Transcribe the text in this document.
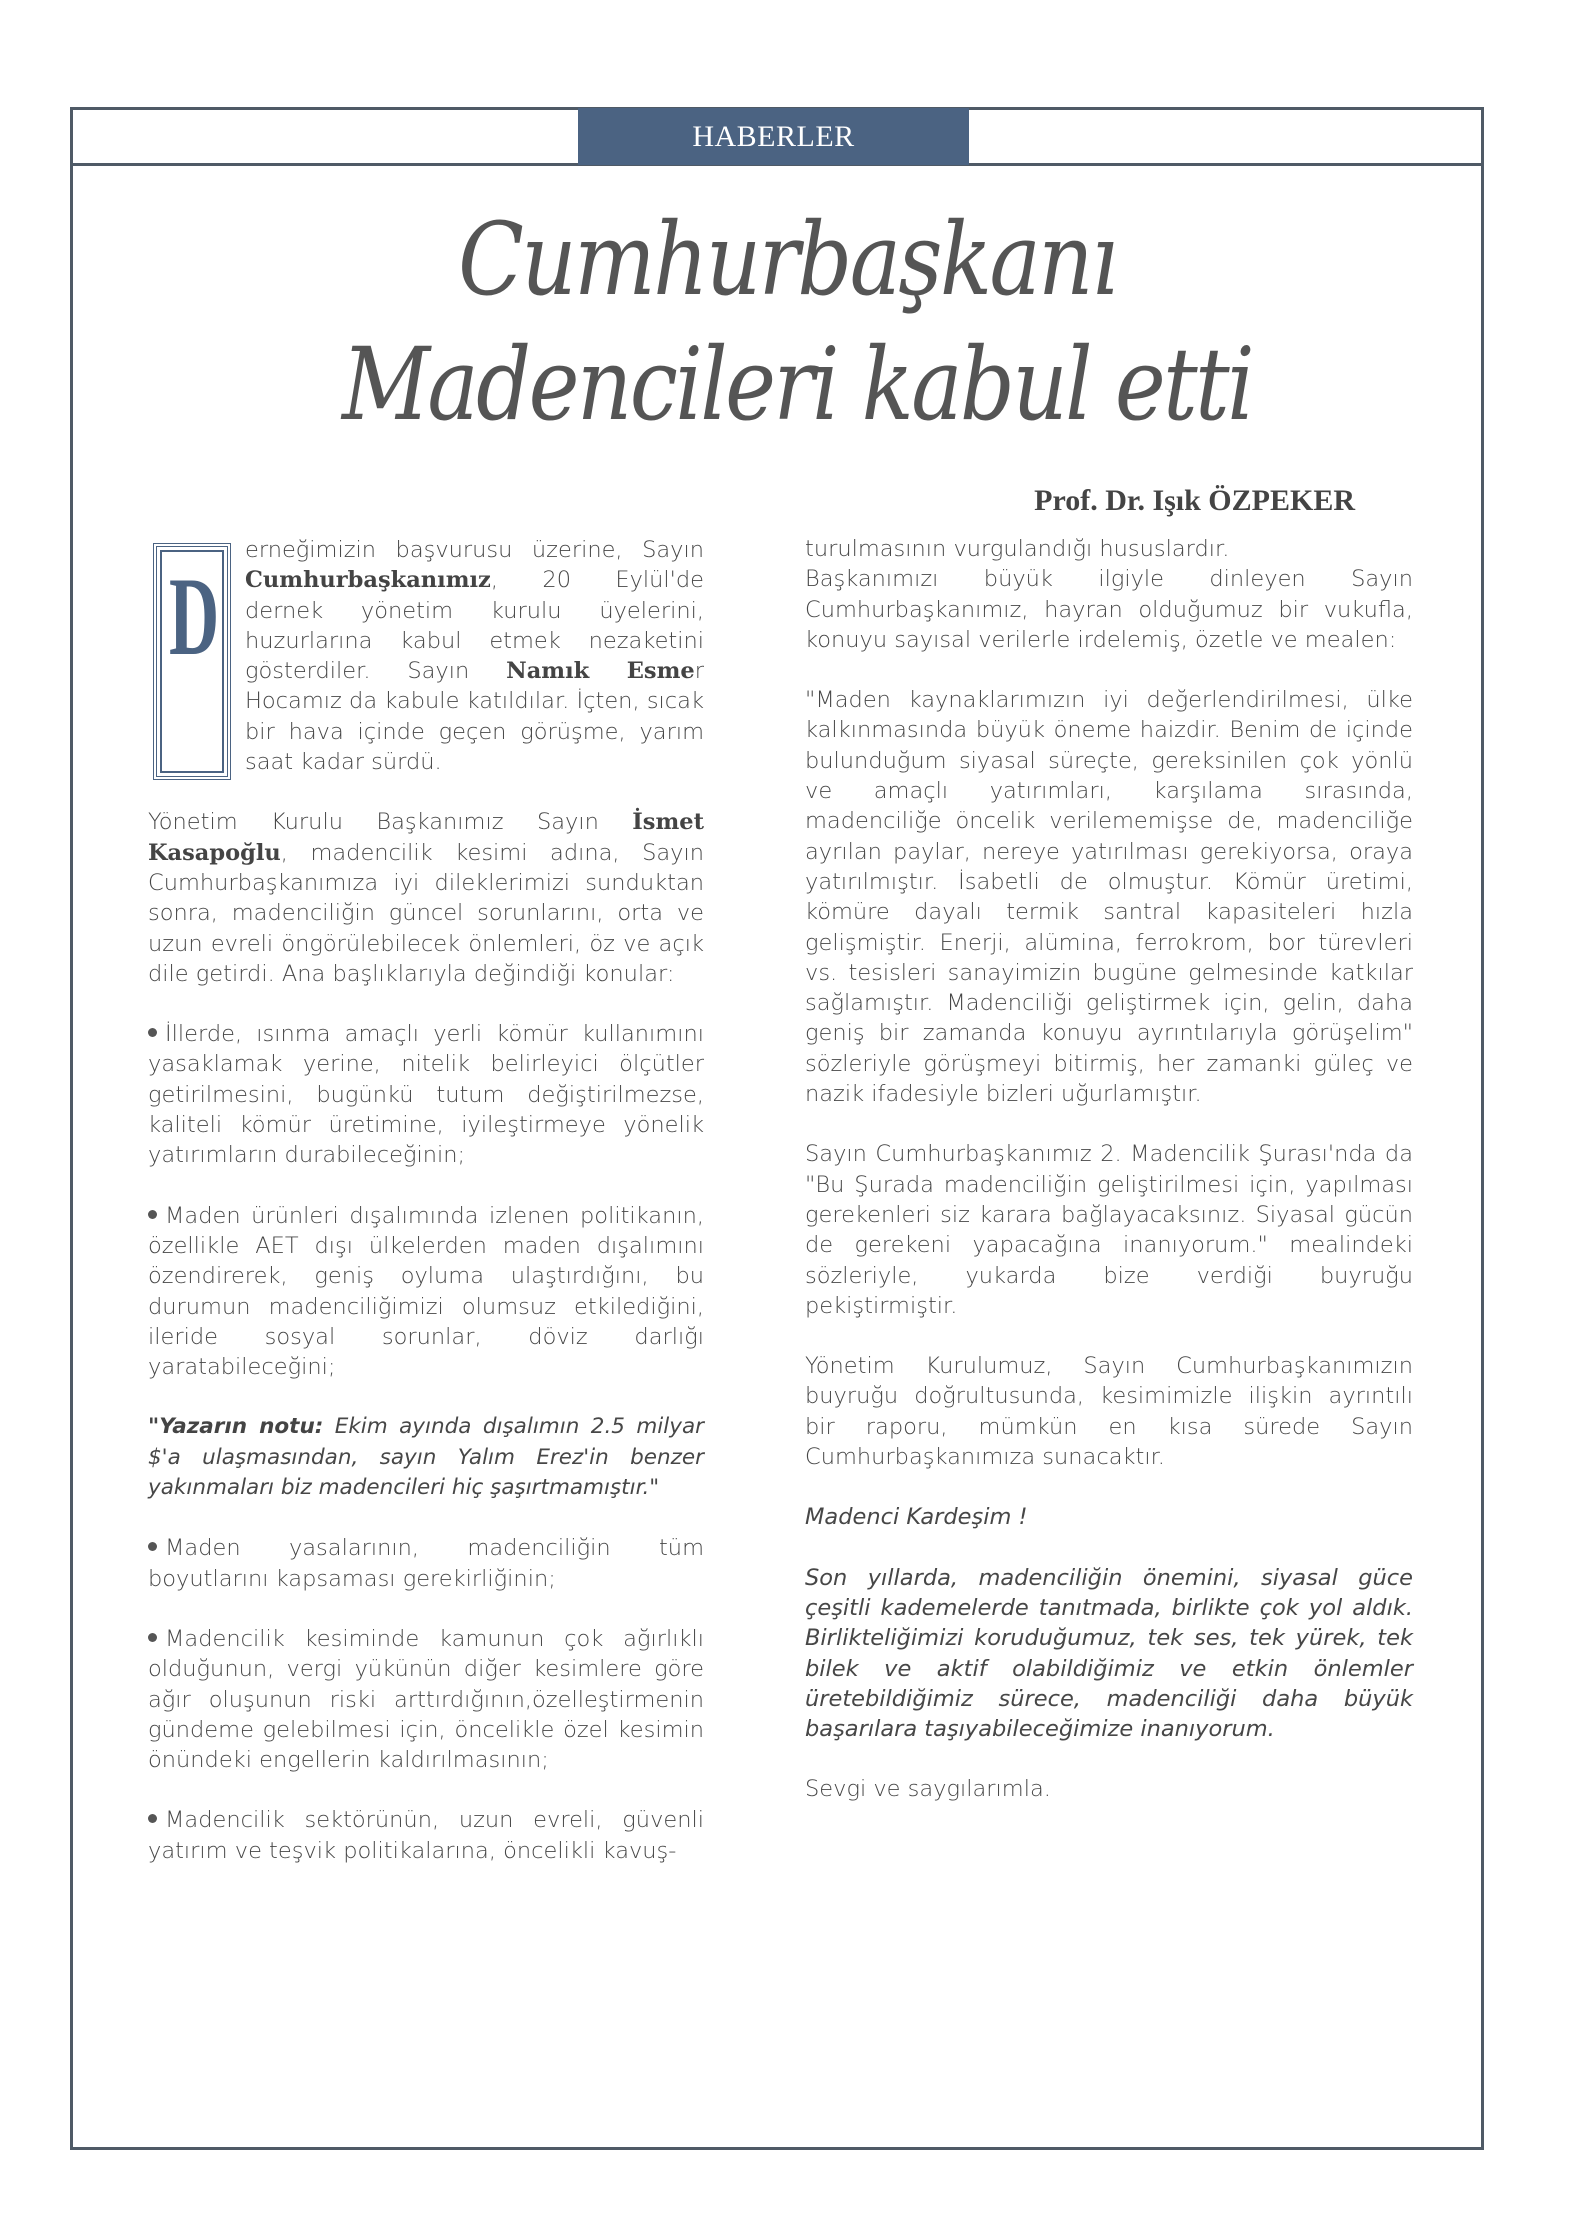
HABERLER
Cumhurbaşkanı
Madencileri kabul etti
Prof. Dr. Işık ÖZPEKER

D
erneğimizin başvurusu üzerine, Sayın Cumhurbaşkanımız, 20 Eylül'de dernek yönetim kurulu üyelerini, huzurlarına kabul etmek nezaketini gösterdiler. Sayın Namık Esmer Hocamız da kabule katıldılar. İçten, sıcak bir hava içinde geçen görüşme, yarım saat kadar sürdü.

Yönetim Kurulu Başkanımız Sayın İsmet Kasapoğlu, madencilik kesimi adına, Sayın Cumhurbaşkanımıza iyi dileklerimizi sunduktan sonra, madenciliğin güncel sorunlarını, orta ve uzun evreli öngörülebilecek önlemleri, öz ve açık dile getirdi. Ana başlıklarıyla değindiği konular:

İllerde, ısınma amaçlı yerli kömür kullanımını yasaklamak yerine, nitelik belirleyici ölçütler getirilmesini, bugünkü tutum değiştirilmezse, kaliteli kömür üretimine, iyileştirmeye yönelik yatırımların durabileceğinin;

Maden ürünleri dışalımında izlenen politikanın, özellikle AET dışı ülkelerden maden dışalımını özendirerek, geniş oyluma ulaştırdığını, bu durumun madenciliğimizi olumsuz etkilediğini, ileride sosyal sorunlar, döviz darlığı yaratabileceğini;

"Yazarın notu: Ekim ayında dışalımın 2.5 milyar $'a ulaşmasından, sayın Yalım Erez'in benzer yakınmaları biz madencileri hiç şaşırtmamıştır."

Maden yasalarının, madenciliğin tüm boyutlarını kapsaması gerekirliğinin;

Madencilik kesiminde kamunun çok ağırlıklı olduğunun, vergi yükünün diğer kesimlere göre ağır oluşunun riski arttırdığının,özelleştirmenin gündeme gelebilmesi için, öncelikle özel kesimin önündeki engellerin kaldırılmasının;

Madencilik sektörünün, uzun evreli, güvenli yatırım ve teşvik politikalarına, öncelikli kavuş-

turulmasının vurgulandığı hususlardır.

Başkanımızı büyük ilgiyle dinleyen Sayın Cumhurbaşkanımız, hayran olduğumuz bir vukufla, konuyu sayısal verilerle irdelemiş, özetle ve mealen:

"Maden kaynaklarımızın iyi değerlendirilmesi, ülke kalkınmasında büyük öneme haizdir. Benim de içinde bulunduğum siyasal süreçte, gereksinilen çok yönlü ve amaçlı yatırımları, karşılama sırasında, madenciliğe öncelik verilememişse de, madenciliğe ayrılan paylar, nereye yatırılması gerekiyorsa, oraya yatırılmıştır. İsabetli de olmuştur. Kömür üretimi, kömüre dayalı termik santral kapasiteleri hızla gelişmiştir. Enerji, alümina, ferrokrom, bor türevleri vs. tesisleri sanayimizin bugüne gelmesinde katkılar sağlamıştır. Madenciliği geliştirmek için, gelin, daha geniş bir zamanda konuyu ayrıntılarıyla görüşelim" sözleriyle görüşmeyi bitirmiş, her zamanki güleç ve nazik ifadesiyle bizleri uğurlamıştır.

Sayın Cumhurbaşkanımız 2. Madencilik Şurası'nda da "Bu Şurada madenciliğin geliştirilmesi için, yapılması gerekenleri siz karara bağlayacaksınız. Siyasal gücün de gerekeni yapacağına inanıyorum." mealindeki sözleriyle, yukarda bize verdiği buyruğu pekiştirmiştir.

Yönetim Kurulumuz, Sayın Cumhurbaşkanımızın buyruğu doğrultusunda, kesimimizle ilişkin ayrıntılı bir raporu, mümkün en kısa sürede Sayın Cumhurbaşkanımıza sunacaktır.

Madenci Kardeşim !

Son yıllarda, madenciliğin önemini, siyasal güce çeşitli kademelerde tanıtmada, birlikte çok yol aldık. Birlikteliğimizi koruduğumuz, tek ses, tek yürek, tek bilek ve aktif olabildiğimiz ve etkin önlemler üretebildiğimiz sürece, madenciliği daha büyük başarılara taşıyabileceğimize inanıyorum.

Sevgi ve saygılarımla.
